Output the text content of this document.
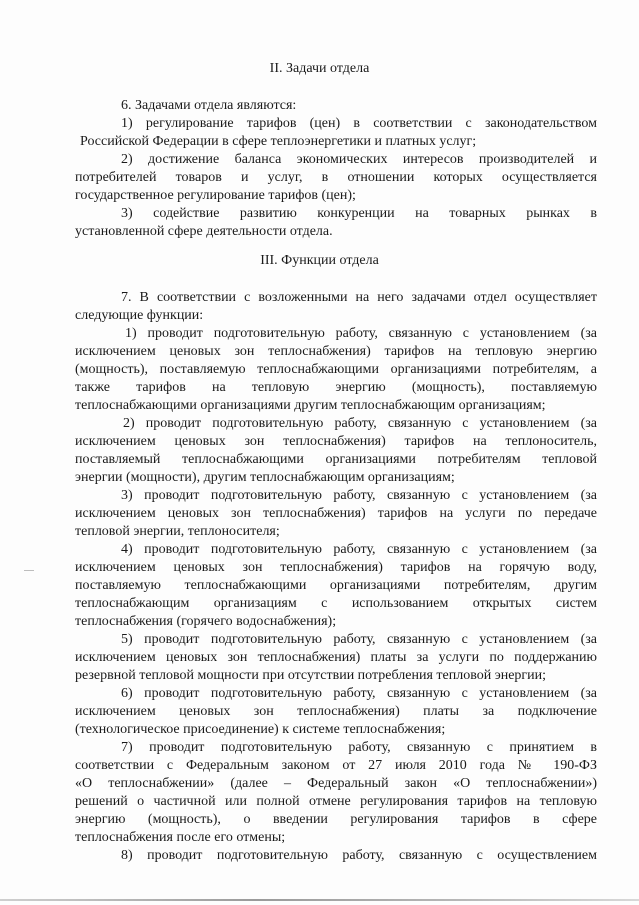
II. Задачи отдела
6. Задачами отдела являются:
1) регулирование тарифов (цен) в соответствии с законодательством
Российской Федерации в сфере теплоэнергетики и платных услуг;
2) достижение баланса экономических интересов производителей и
потребителей товаров и услуг, в отношении которых осуществляется
государственное регулирование тарифов (цен);
3) содействие развитию конкуренции на товарных рынках в
установленной сфере деятельности отдела.
III. Функции отдела
7. В соответствии с возложенными на него задачами отдел осуществляет
следующие функции:
1) проводит подготовительную работу, связанную с установлением (за
исключением ценовых зон теплоснабжения) тарифов на тепловую энергию
(мощность), поставляемую теплоснабжающими организациями потребителям, а
также тарифов на тепловую энергию (мощность), поставляемую
теплоснабжающими организациями другим теплоснабжающим организациям;
2) проводит подготовительную работу, связанную с установлением (за
исключением ценовых зон теплоснабжения) тарифов на теплоноситель,
поставляемый теплоснабжающими организациями потребителям тепловой
энергии (мощности), другим теплоснабжающим организациям;
3) проводит подготовительную работу, связанную с установлением (за
исключением ценовых зон теплоснабжения) тарифов на услуги по передаче
тепловой энергии, теплоносителя;
4) проводит подготовительную работу, связанную с установлением (за
исключением ценовых зон теплоснабжения) тарифов на горячую воду,
поставляемую теплоснабжающими организациями потребителям, другим
теплоснабжающим организациям с использованием открытых систем
теплоснабжения (горячего водоснабжения);
5) проводит подготовительную работу, связанную с установлением (за
исключением ценовых зон теплоснабжения) платы за услуги по поддержанию
резервной тепловой мощности при отсутствии потребления тепловой энергии;
6) проводит подготовительную работу, связанную с установлением (за
исключением ценовых зон теплоснабжения) платы за подключение
(технологическое присоединение) к системе теплоснабжения;
7) проводит подготовительную работу, связанную с принятием в
соответствии с Федеральным законом от 27 июля 2010 года № 190-ФЗ
«О теплоснабжении» (далее – Федеральный закон «О теплоснабжении»)
решений о частичной или полной отмене регулирования тарифов на тепловую
энергию (мощность), о введении регулирования тарифов в сфере
теплоснабжения после его отмены;
8) проводит подготовительную работу, связанную с осуществлением
